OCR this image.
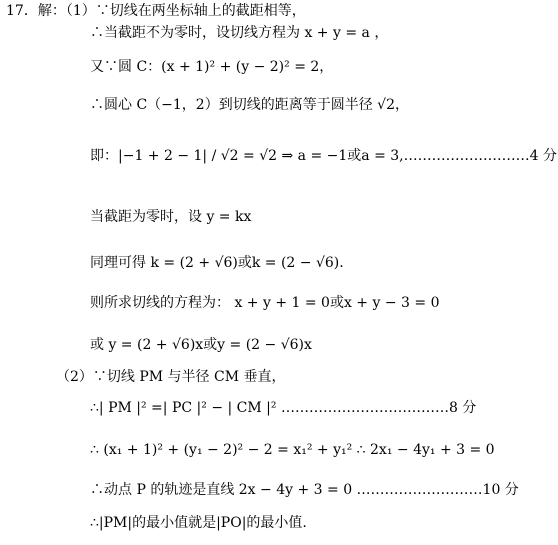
17．解：（1）∵切线在两坐标轴上的截距相等，
∴当截距不为零时，设切线方程为 x + y = a ，
又∵圆 C：(x + 1)² + (y − 2)² = 2，
∴圆心 C（−1，2）到切线的距离等于圆半径 √2，
即：|−1 + 2 − 1| / √2 = √2 ⇒ a = −1或a = 3,………………………4 分
当截距为零时，设 y = kx
同理可得 k = (2 + √6)或k = (2 − √6).
则所求切线的方程为： x + y + 1 = 0或x + y − 3 = 0
或 y = (2 + √6)x或y = (2 − √6)x
（2）∵切线 PM 与半径 CM 垂直，
∴| PM |² =| PC |² − | CM |² ………………………………8 分
∴ (x₁ + 1)² + (y₁ − 2)² − 2 = x₁² + y₁² ∴ 2x₁ − 4y₁ + 3 = 0
∴动点 P 的轨迹是直线 2x − 4y + 3 = 0 ………………………10 分
∴|PM|的最小值就是|PO|的最小值.
